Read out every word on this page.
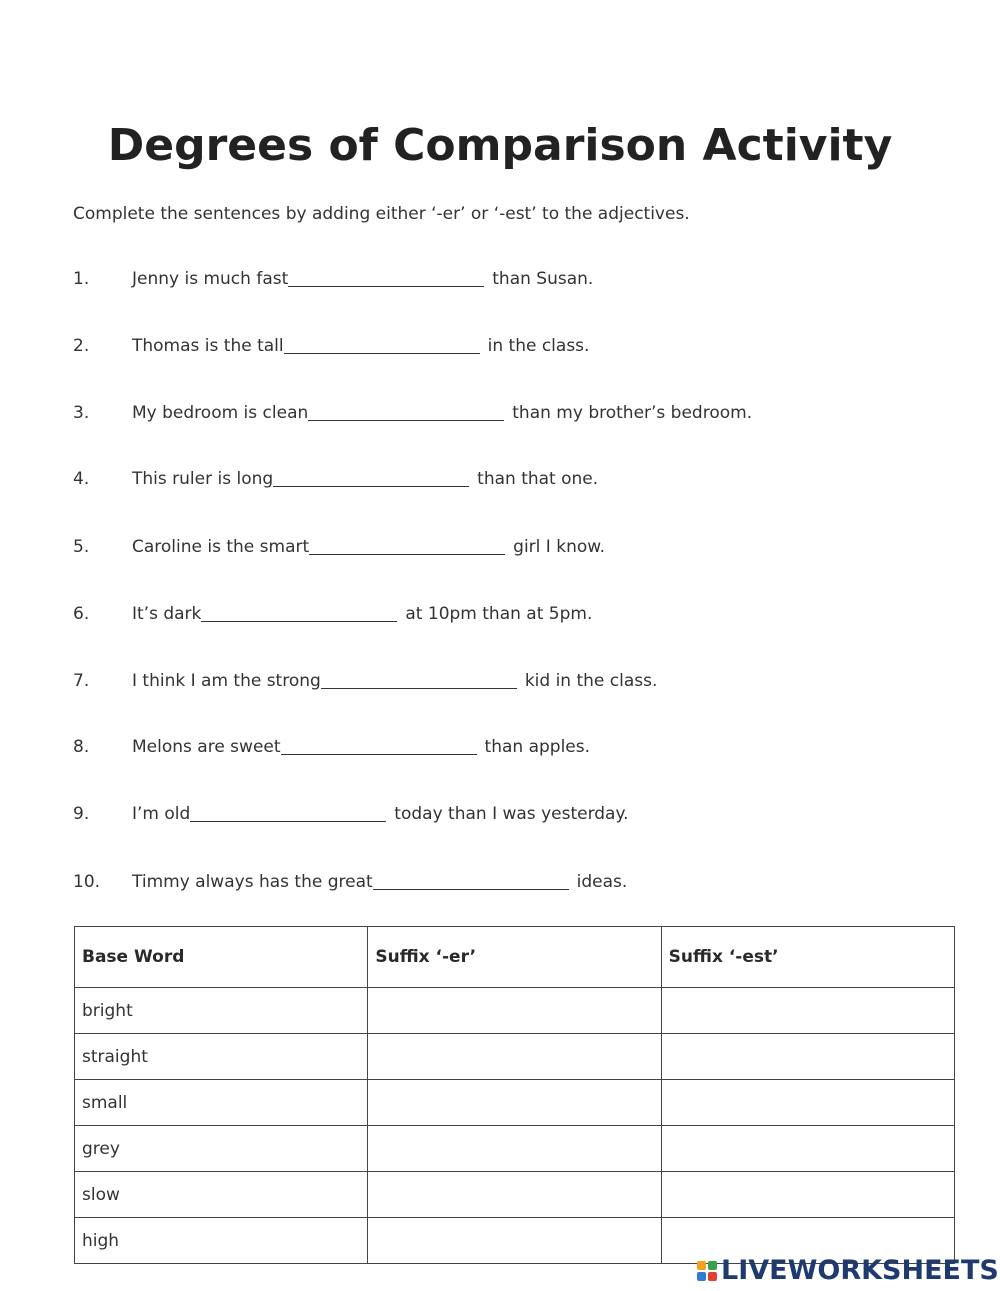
Degrees of Comparison Activity

Complete the sentences by adding either ‘-er’ or ‘-est’ to the adjectives.

1.	Jenny is much fast	than Susan.
2.	Thomas is the tall	in the class.
3.	My bedroom is clean	than my brother’s bedroom.
4.	This ruler is long	than that one.
5.	Caroline is the smart	girl I know.
6.	It’s dark	at 10pm than at 5pm.
7.	I think I am the strong	kid in the class.
8.	Melons are sweet	than apples.
9.	I’m old	today than I was yesterday.
10.	Timmy always has the great	ideas.
Base Word	Suffix ‘-er’	Suffix ‘-est’
bright		
straight		
small		
grey		
slow		
high		
LIVEWORKSHEETS
